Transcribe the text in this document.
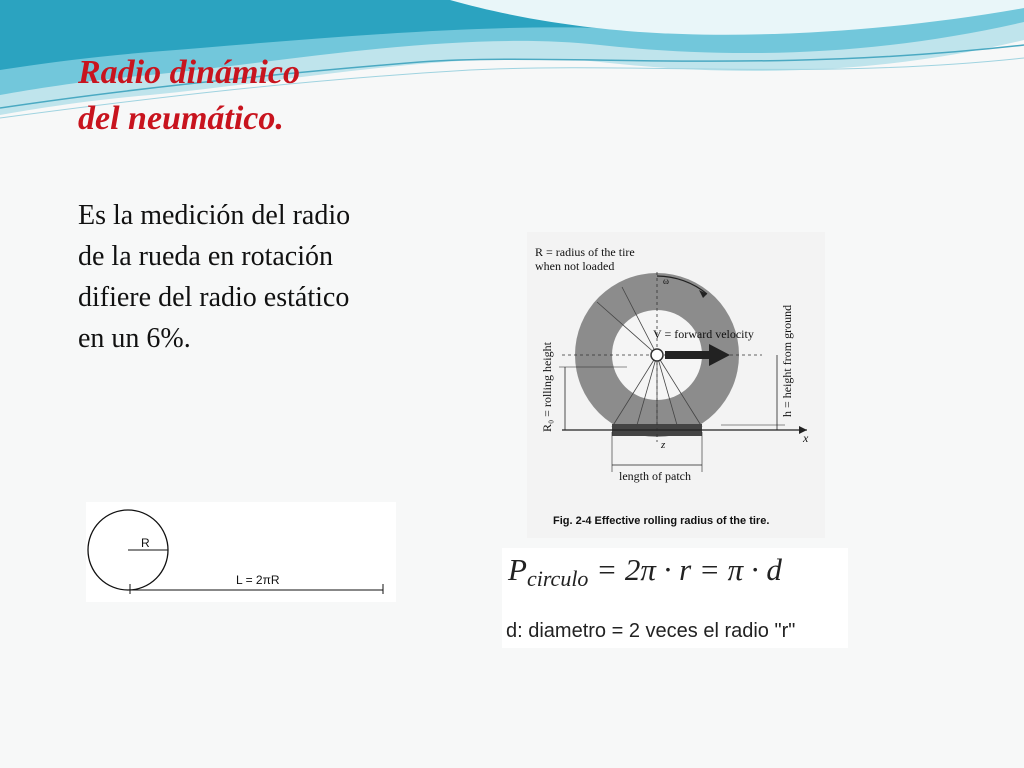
Radio dinámico
del neumático.
Es la medición del radio de la rueda en rotación difiere del radio estático en un 6%.
R = radius of the tire
when not loaded
ω
V = forward velocity
R₀ = rolling height	h = height from ground
z	x
length of patch
Fig. 2-4 Effective rolling radius of the tire.
R
L = 2πR	Pcirculo = 2π · r = π · d
d: diametro = 2 veces el radio "r"
